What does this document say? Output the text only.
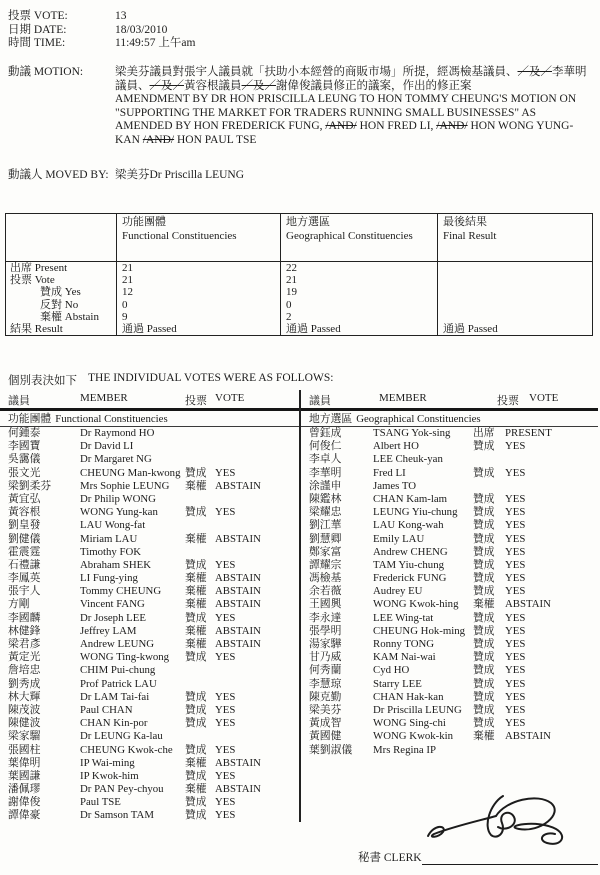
投票 VOTE:	13
日期 DATE:	18/03/2010
時間 TIME:	11:49:57 上午am
動議 MOTION:	梁美芬議員對張宇人議員就「扶助小本經營的商販市場」所提，經馮檢基議員、／及／李華明議員、／及／黃容根議員／及／謝偉俊議員修正的議案，作出的修正案
AMENDMENT BY DR HON PRISCILLA LEUNG TO HON TOMMY CHEUNG'S MOTION ON "SUPPORTING THE MARKET FOR TRADERS RUNNING SMALL BUSINESSES" AS AMENDED BY HON FREDERICK FUNG, /AND/ HON FRED LI, /AND/ HON WONG YUNG-KAN /AND/ HON PAUL TSE
動議人 MOVED BY: 梁美芬Dr Priscilla LEUNG
功能團體
Functional Constituencies
地方選區
Geographical Constituencies
最後結果
Final Result
出席 Present	21	22
投票 Vote	21	21
贊成 Yes	12	19
反對 No	0	0
棄權 Abstain	9	2
結果 Result	通過 Passed	通過 Passed	通過 Passed
個別表決如下 THE INDIVIDUAL VOTES WERE AS FOLLOWS:
議員	MEMBER	投票 VOTE	議員	MEMBER	投票 VOTE
功能團體 Functional Constituencies
何鍾泰	Dr Raymond HO
李國寶	Dr David LI
吳靄儀	Dr Margaret NG
張文光	CHEUNG Man-kwong 贊成 YES
梁劉柔芬	Mrs Sophie LEUNG	棄權 ABSTAIN
黃宜弘	Dr Philip WONG
黃容根	WONG Yung-kan	贊成 YES
劉皇發	LAU Wong-fat
劉健儀	Miriam LAU	棄權 ABSTAIN
霍震霆	Timothy FOK
石禮謙	Abraham SHEK	贊成 YES
李鳳英	LI Fung-ying	棄權 ABSTAIN
張宇人	Tommy CHEUNG	棄權 ABSTAIN
方剛	Vincent FANG	棄權 ABSTAIN
李國麟	Dr Joseph LEE	贊成 YES
林健鋒	Jeffrey LAM	棄權 ABSTAIN
梁君彥	Andrew LEUNG	棄權 ABSTAIN
黃定光	WONG Ting-kwong	贊成 YES
詹培忠	CHIM Pui-chung
劉秀成	Prof Patrick LAU
林大輝	Dr LAM Tai-fai	贊成 YES
陳茂波	Paul CHAN	贊成 YES
陳健波	CHAN Kin-por	贊成 YES
梁家騮	Dr LEUNG Ka-lau
張國柱	CHEUNG Kwok-che	贊成 YES
葉偉明	IP Wai-ming	棄權 ABSTAIN
葉國謙	IP Kwok-him	贊成 YES
潘佩璆	Dr PAN Pey-chyou	棄權 ABSTAIN
謝偉俊	Paul TSE	贊成 YES
譚偉豪	Dr Samson TAM	贊成 YES
地方選區 Geographical Constituencies
曾鈺成	TSANG Yok-sing	出席 PRESENT
何俊仁	Albert HO	贊成 YES
李卓人	LEE Cheuk-yan
李華明	Fred LI	贊成 YES
涂謹申	James TO
陳鑑林	CHAN Kam-lam	贊成 YES
梁耀忠	LEUNG Yiu-chung	贊成 YES
劉江華	LAU Kong-wah	贊成 YES
劉慧卿	Emily LAU	贊成 YES
鄭家富	Andrew CHENG	贊成 YES
譚耀宗	TAM Yiu-chung	贊成 YES
馮檢基	Frederick FUNG	贊成 YES
余若薇	Audrey EU	贊成 YES
王國興	WONG Kwok-hing	棄權 ABSTAIN
李永達	LEE Wing-tat	贊成 YES
張學明	CHEUNG Hok-ming 贊成 YES
湯家驊	Ronny TONG	贊成 YES
甘乃威	KAM Nai-wai	贊成 YES
何秀蘭	Cyd HO	贊成 YES
李慧琼	Starry LEE	贊成 YES
陳克勤	CHAN Hak-kan	贊成 YES
梁美芬	Dr Priscilla LEUNG	贊成 YES
黃成智	WONG Sing-chi	贊成 YES
黃國健	WONG Kwok-kin	棄權 ABSTAIN
葉劉淑儀	Mrs Regina IP
秘書 CLERK
